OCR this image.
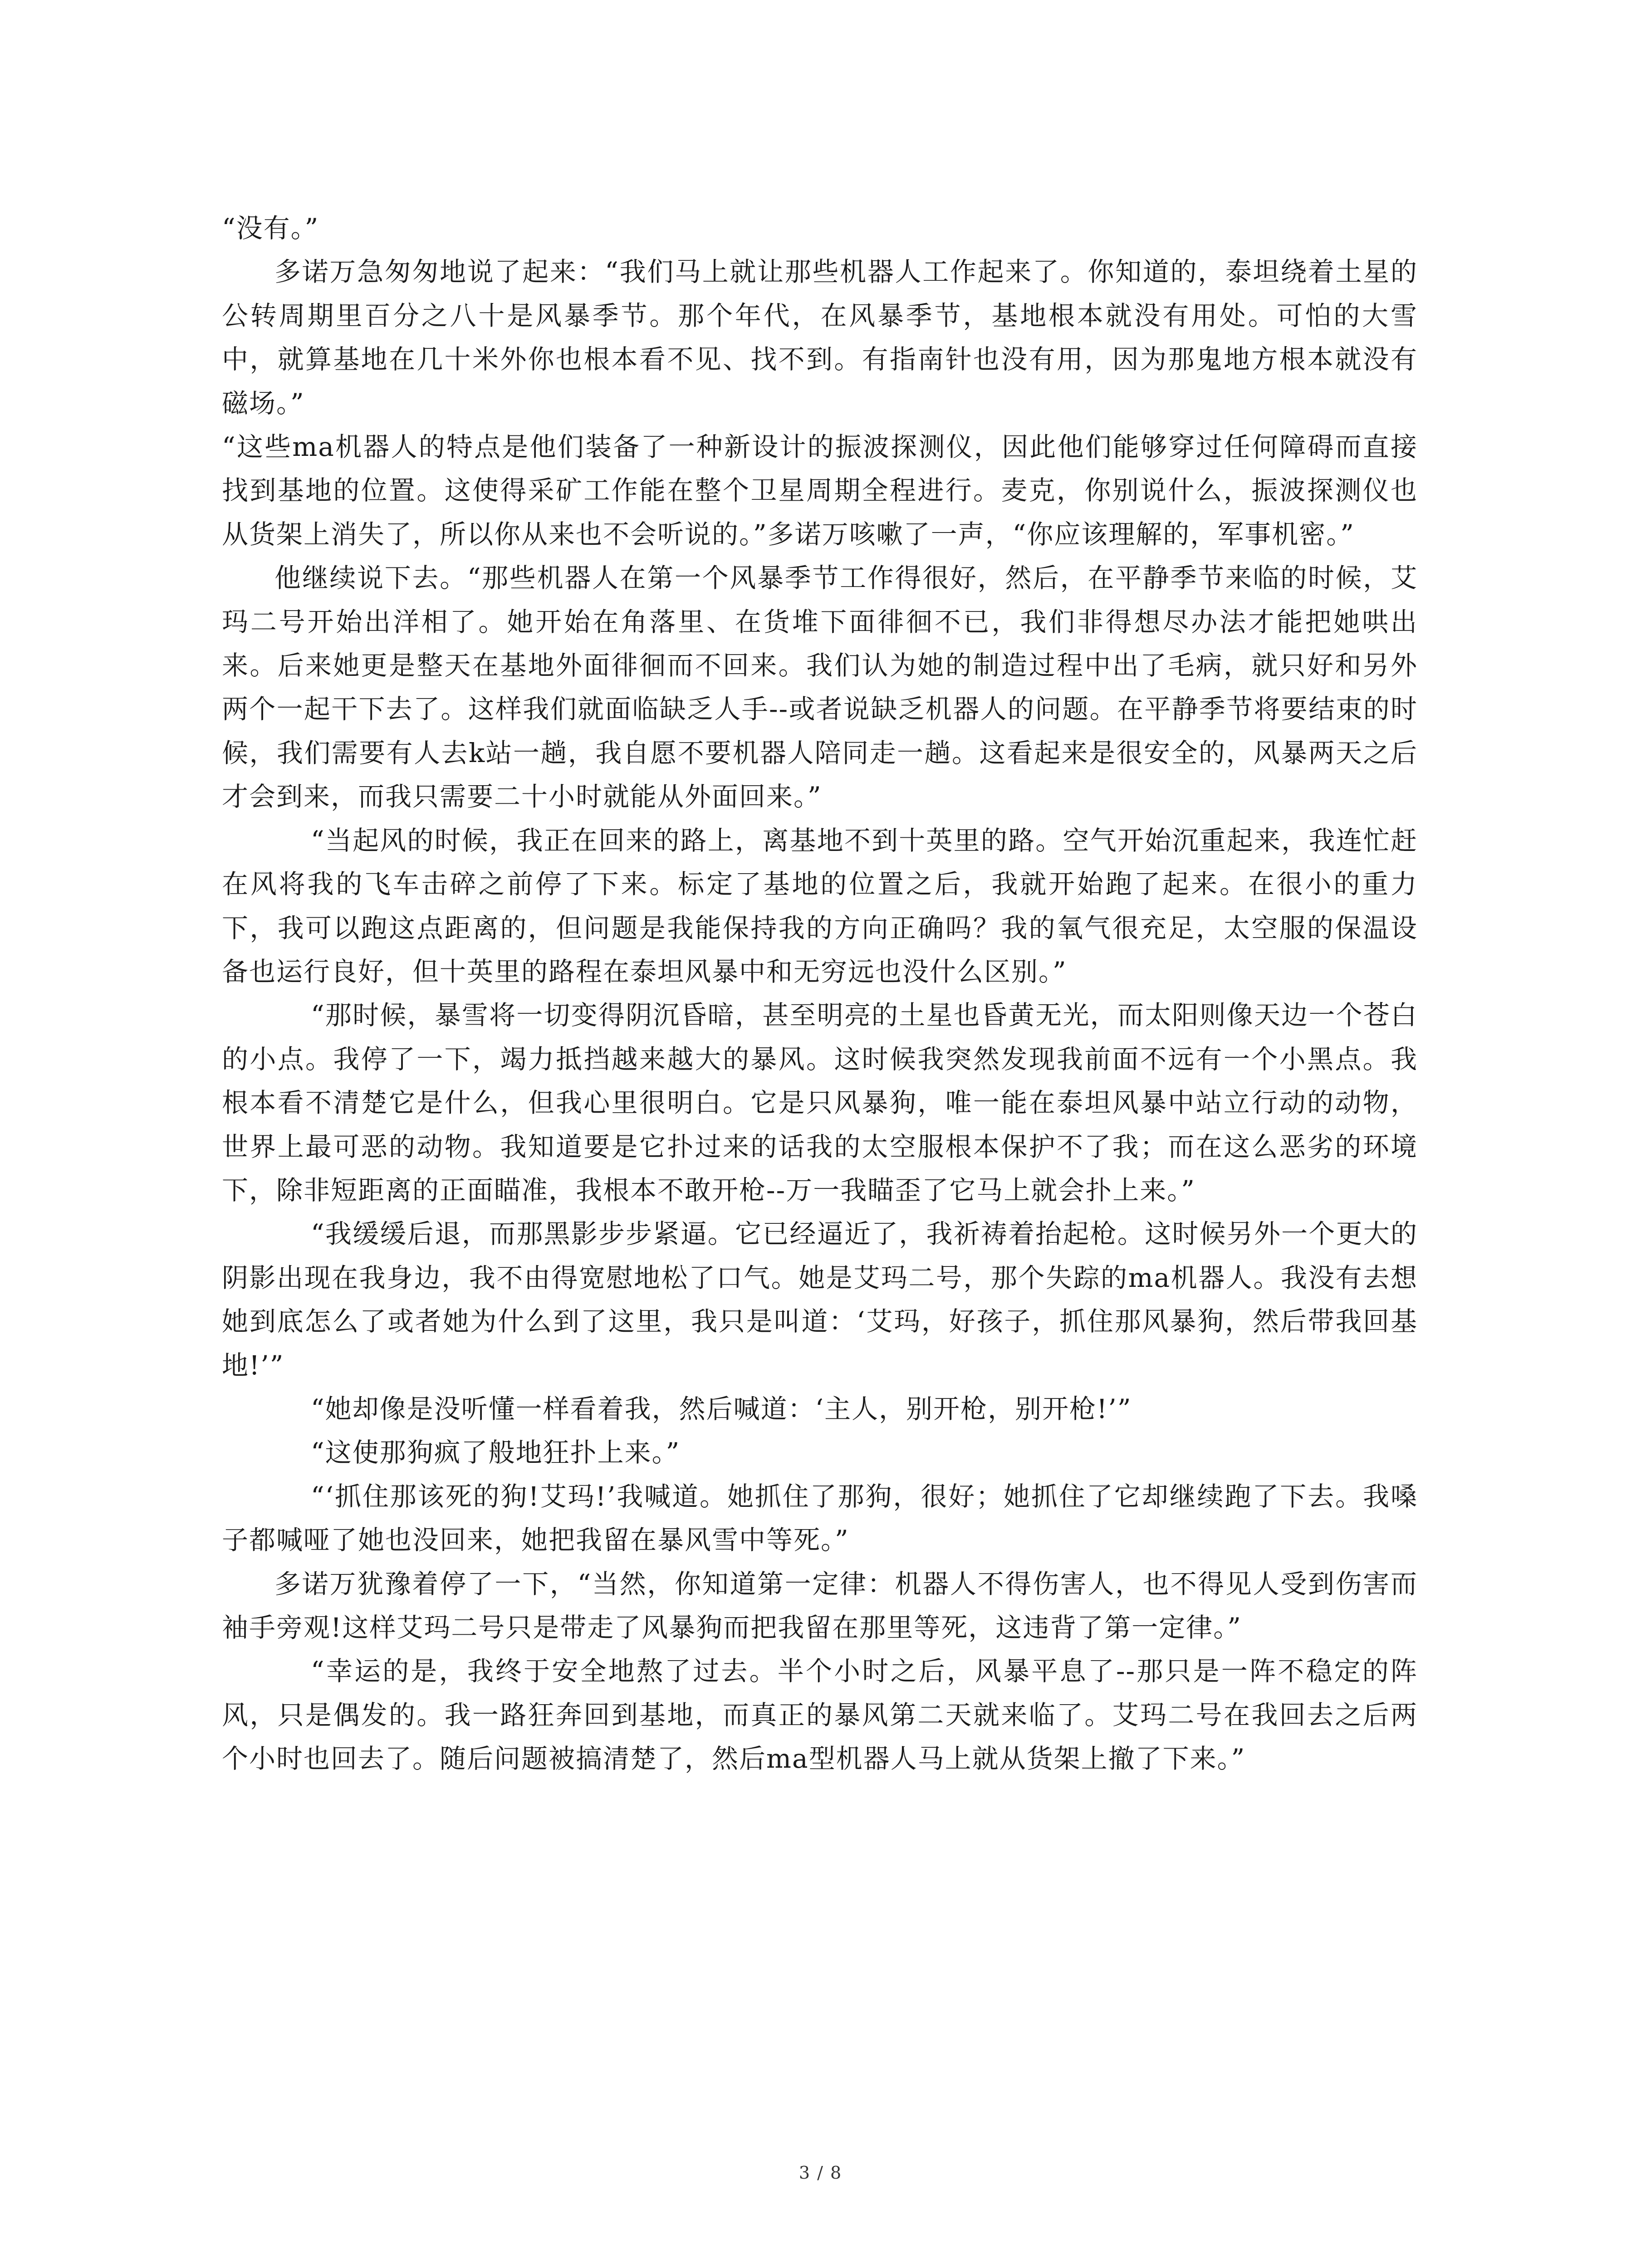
“没有。”

多诺万急匆匆地说了起来：“我们马上就让那些机器人工作起来了。你知道的，泰坦绕着土星的公转周期里百分之八十是风暴季节。那个年代，在风暴季节，基地根本就没有用处。可怕的大雪中，就算基地在几十米外你也根本看不见、找不到。有指南针也没有用，因为那鬼地方根本就没有磁场。”

“这些ma机器人的特点是他们装备了一种新设计的振波探测仪，因此他们能够穿过任何障碍而直接找到基地的位置。这使得采矿工作能在整个卫星周期全程进行。麦克，你别说什么，振波探测仪也从货架上消失了，所以你从来也不会听说的。”多诺万咳嗽了一声，“你应该理解的，军事机密。”

他继续说下去。“那些机器人在第一个风暴季节工作得很好，然后，在平静季节来临的时候，艾玛二号开始出洋相了。她开始在角落里、在货堆下面徘徊不已，我们非得想尽办法才能把她哄出来。后来她更是整天在基地外面徘徊而不回来。我们认为她的制造过程中出了毛病，就只好和另外两个一起干下去了。这样我们就面临缺乏人手--或者说缺乏机器人的问题。在平静季节将要结束的时候，我们需要有人去k站一趟，我自愿不要机器人陪同走一趟。这看起来是很安全的，风暴两天之后才会到来，而我只需要二十小时就能从外面回来。”

“当起风的时候，我正在回来的路上，离基地不到十英里的路。空气开始沉重起来，我连忙赶在风将我的飞车击碎之前停了下来。标定了基地的位置之后，我就开始跑了起来。在很小的重力下，我可以跑这点距离的，但问题是我能保持我的方向正确吗？我的氧气很充足，太空服的保温设备也运行良好，但十英里的路程在泰坦风暴中和无穷远也没什么区别。”

“那时候，暴雪将一切变得阴沉昏暗，甚至明亮的土星也昏黄无光，而太阳则像天边一个苍白的小点。我停了一下，竭力抵挡越来越大的暴风。这时候我突然发现我前面不远有一个小黑点。我根本看不清楚它是什么，但我心里很明白。它是只风暴狗，唯一能在泰坦风暴中站立行动的动物，世界上最可恶的动物。我知道要是它扑过来的话我的太空服根本保护不了我；而在这么恶劣的环境下，除非短距离的正面瞄准，我根本不敢开枪--万一我瞄歪了它马上就会扑上来。”

“我缓缓后退，而那黑影步步紧逼。它已经逼近了，我祈祷着抬起枪。这时候另外一个更大的阴影出现在我身边，我不由得宽慰地松了口气。她是艾玛二号，那个失踪的ma机器人。我没有去想她到底怎么了或者她为什么到了这里，我只是叫道：‘艾玛，好孩子，抓住那风暴狗，然后带我回基地!’”

“她却像是没听懂一样看着我，然后喊道：‘主人，别开枪，别开枪!’”

“这使那狗疯了般地狂扑上来。”

“‘抓住那该死的狗!艾玛!’我喊道。她抓住了那狗，很好；她抓住了它却继续跑了下去。我嗓子都喊哑了她也没回来，她把我留在暴风雪中等死。”

多诺万犹豫着停了一下，“当然，你知道第一定律：机器人不得伤害人，也不得见人受到伤害而袖手旁观!这样艾玛二号只是带走了风暴狗而把我留在那里等死，这违背了第一定律。”

“幸运的是，我终于安全地熬了过去。半个小时之后，风暴平息了--那只是一阵不稳定的阵风，只是偶发的。我一路狂奔回到基地，而真正的暴风第二天就来临了。艾玛二号在我回去之后两个小时也回去了。随后问题被搞清楚了，然后ma型机器人马上就从货架上撤了下来。”

3 / 8
